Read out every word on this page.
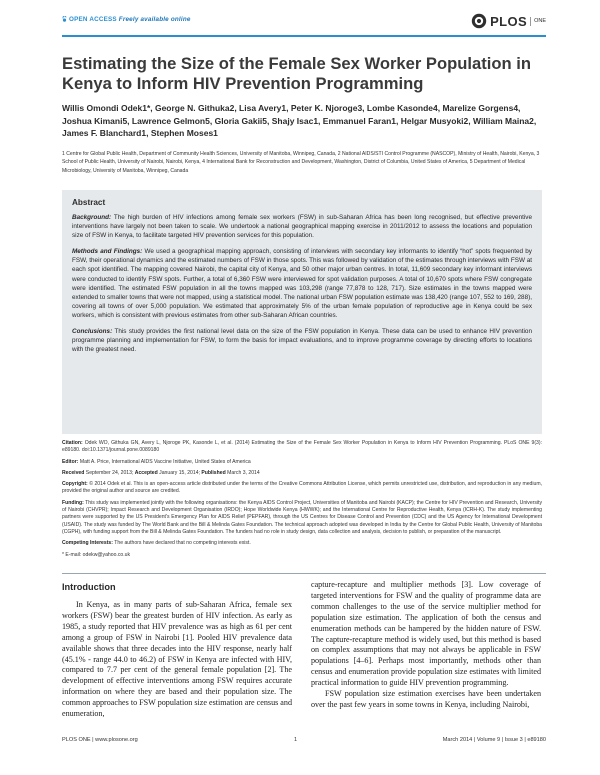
OPEN ACCESS Freely available online	PLOS	ONE
Estimating the Size of the Female Sex Worker Population in Kenya to Inform HIV Prevention Programming

Willis Omondi Odek1*, George N. Githuka2, Lisa Avery1, Peter K. Njoroge3, Lombe Kasonde4, Marelize Gorgens4, Joshua Kimani5, Lawrence Gelmon5, Gloria Gakii5, Shajy Isac1, Emmanuel Faran1, Helgar Musyoki2, William Maina2, James F. Blanchard1, Stephen Moses1

1 Centre for Global Public Health, Department of Community Health Sciences, University of Manitoba, Winnipeg, Canada, 2 National AIDS/STI Control Programme (NASCOP), Ministry of Health, Nairobi, Kenya, 3 School of Public Health, University of Nairobi, Nairobi, Kenya, 4 International Bank for Reconstruction and Development, Washington, District of Columbia, United States of America, 5 Department of Medical Microbiology, University of Manitoba, Winnipeg, Canada

Abstract

Background: The high burden of HIV infections among female sex workers (FSW) in sub-Saharan Africa has been long recognised, but effective preventive interventions have largely not been taken to scale. We undertook a national geographical mapping exercise in 2011/2012 to assess the locations and population size of FSW in Kenya, to facilitate targeted HIV prevention services for this population.

Methods and Findings: We used a geographical mapping approach, consisting of interviews with secondary key informants to identify “hot” spots frequented by FSW, their operational dynamics and the estimated numbers of FSW in those spots. This was followed by validation of the estimates through interviews with FSW at each spot identified. The mapping covered Nairobi, the capital city of Kenya, and 50 other major urban centres. In total, 11,609 secondary key informant interviews were conducted to identify FSW spots. Further, a total of 6,360 FSW were interviewed for spot validation purposes. A total of 10,670 spots where FSW congregate were identified. The estimated FSW population in all the towns mapped was 103,298 (range 77,878 to 128, 717). Size estimates in the towns mapped were extended to smaller towns that were not mapped, using a statistical model. The national urban FSW population estimate was 138,420 (range 107, 552 to 169, 288), covering all towns of over 5,000 population. We estimated that approximately 5% of the urban female population of reproductive age in Kenya could be sex workers, which is consistent with previous estimates from other sub-Saharan African countries.

Conclusions: This study provides the first national level data on the size of the FSW population in Kenya. These data can be used to enhance HIV prevention programme planning and implementation for FSW, to form the basis for impact evaluations, and to improve programme coverage by directing efforts to locations with the greatest need.

Citation: Odek WO, Githuka GN, Avery L, Njoroge PK, Kasonde L, et al. (2014) Estimating the Size of the Female Sex Worker Population in Kenya to Inform HIV Prevention Programming. PLoS ONE 9(3): e89180. doi:10.1371/journal.pone.0089180

Editor: Matt A. Price, International AIDS Vaccine Initiative, United States of America

Received September 24, 2013; Accepted January 15, 2014; Published March 3, 2014

Copyright: © 2014 Odek et al. This is an open-access article distributed under the terms of the Creative Commons Attribution License, which permits unrestricted use, distribution, and reproduction in any medium, provided the original author and source are credited.

Funding: This study was implemented jointly with the following organisations: the Kenya AIDS Control Project, Universities of Manitoba and Nairobi (KACP); the Centre for HIV Prevention and Research, University of Nairobi (CHVPR); Impact Research and Development Organisation (IRDO); Hope Worldwide Kenya (HWWK); and the International Centre for Reproductive Health, Kenya (ICRH-K). The study implementing partners were supported by the US President's Emergency Plan for AIDS Relief (PEPFAR), through the US Centres for Disease Control and Prevention (CDC) and the US Agency for International Development (USAID). The study was funded by The World Bank and the Bill & Melinda Gates Foundation. The technical approach adopted was developed in India by the Centre for Global Public Health, University of Manitoba (CGPH), with funding support from the Bill & Melinda Gates Foundation. The funders had no role in study design, data collection and analysis, decision to publish, or preparation of the manuscript.

Competing Interests: The authors have declared that no competing interests exist.

* E-mail: odekw@yahoo.co.uk

Introduction

In Kenya, as in many parts of sub-Saharan Africa, female sex workers (FSW) bear the greatest burden of HIV infection. As early as 1985, a study reported that HIV prevalence was as high as 61 per cent among a group of FSW in Nairobi [1]. Pooled HIV prevalence data available shows that three decades into the HIV response, nearly half (45.1% - range 44.0 to 46.2) of FSW in Kenya are infected with HIV, compared to 7.7 per cent of the general female population [2]. The development of effective interventions among FSW requires accurate information on where they are based and their population size. The common approaches to FSW population size estimation are census and enumeration,

capture-recapture and multiplier methods [3]. Low coverage of targeted interventions for FSW and the quality of programme data are common challenges to the use of the service multiplier method for population size estimation. The application of both the census and enumeration methods can be hampered by the hidden nature of FSW. The capture-recapture method is widely used, but this method is based on complex assumptions that may not always be applicable in FSW populations [4–6]. Perhaps most importantly, methods other than census and enumeration provide population size estimates with limited practical information to guide HIV prevention programming.

FSW population size estimation exercises have been undertaken over the past few years in some towns in Kenya, including Nairobi,

PLOS ONE | www.plosone.org	1	March 2014 | Volume 9 | Issue 3 | e89180
